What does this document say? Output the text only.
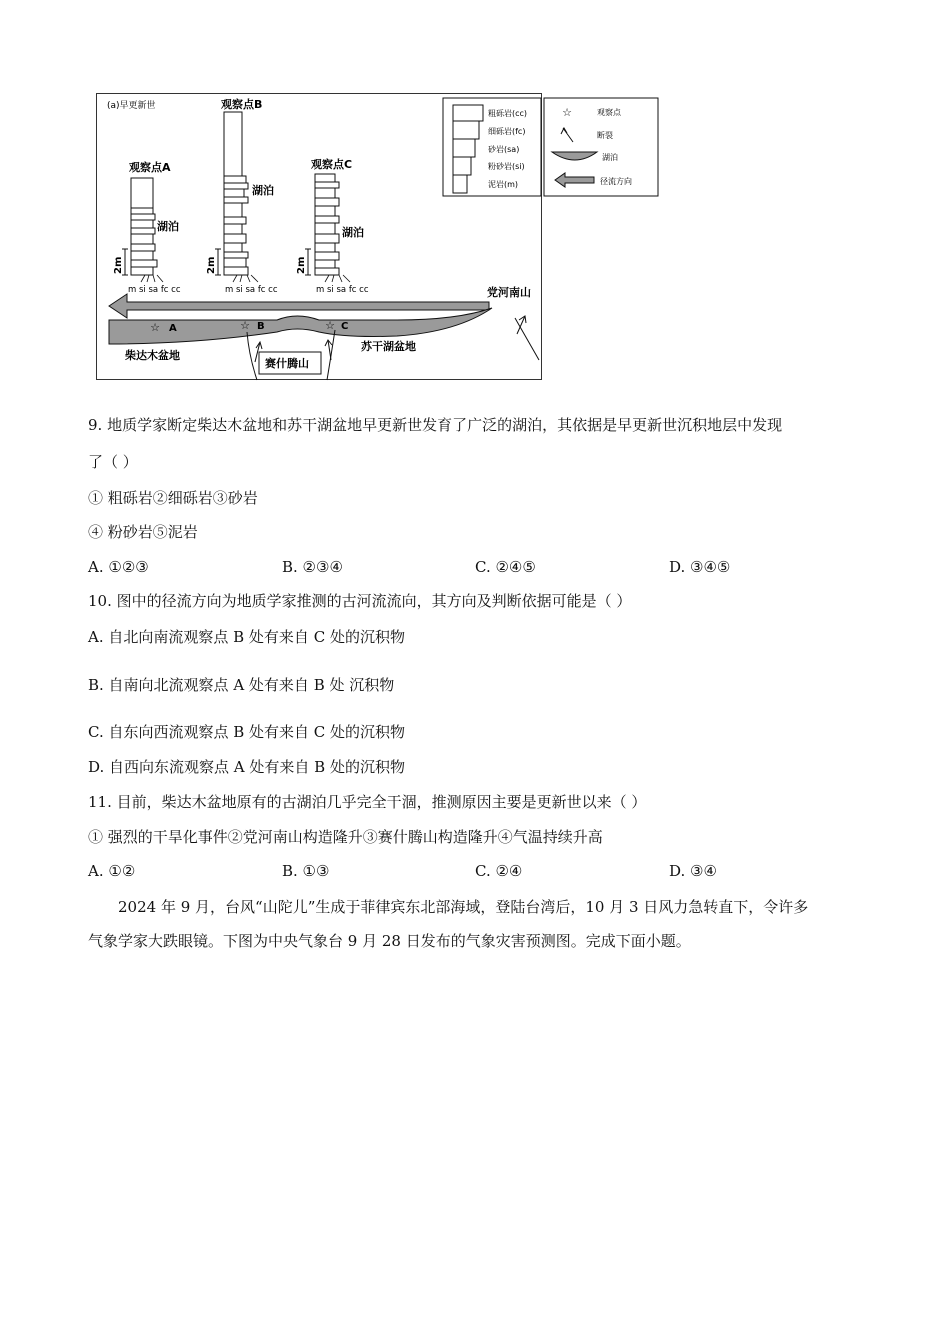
(a)早更新世
观察点A
湖泊
2m
m si sa fc cc
观察点B
湖泊
2m
m si sa fc cc
观察点C
湖泊
2m
m si sa fc cc
粗砾岩(cc)
细砾岩(fc)
砂岩(sa)
粉砂岩(si)
泥岩(m)
☆	观察点
断裂
湖泊
径流方向
党河南山
☆ A	☆ B	☆ C
柴达木盆地
苏干湖盆地
赛什腾山
9. 地质学家断定柴达木盆地和苏干湖盆地早更新世发育了广泛的湖泊，其依据是早更新世沉积地层中发现
了（ ）
① 粗砾岩②细砾岩③砂岩
④ 粉砂岩⑤泥岩
A. ①②③	B. ②③④	C. ②④⑤	D. ③④⑤
10. 图中的径流方向为地质学家推测的古河流流向，其方向及判断依据可能是（ ）
A. 自北向南流观察点 B 处有来自 C 处的沉积物
B. 自南向北流观察点 A 处有来自 B 处 沉积物
C. 自东向西流观察点 B 处有来自 C 处的沉积物
D. 自西向东流观察点 A 处有来自 B 处的沉积物
11. 目前，柴达木盆地原有的古湖泊几乎完全干涸，推测原因主要是更新世以来（ ）
① 强烈的干旱化事件②党河南山构造隆升③赛什腾山构造隆升④气温持续升高
A. ①②	B. ①③	C. ②④	D. ③④
2024 年 9 月，台风“山陀儿”生成于菲律宾东北部海域，登陆台湾后，10 月 3 日风力急转直下，令许多
气象学家大跌眼镜。下图为中央气象台 9 月 28 日发布的气象灾害预测图。完成下面小题。
